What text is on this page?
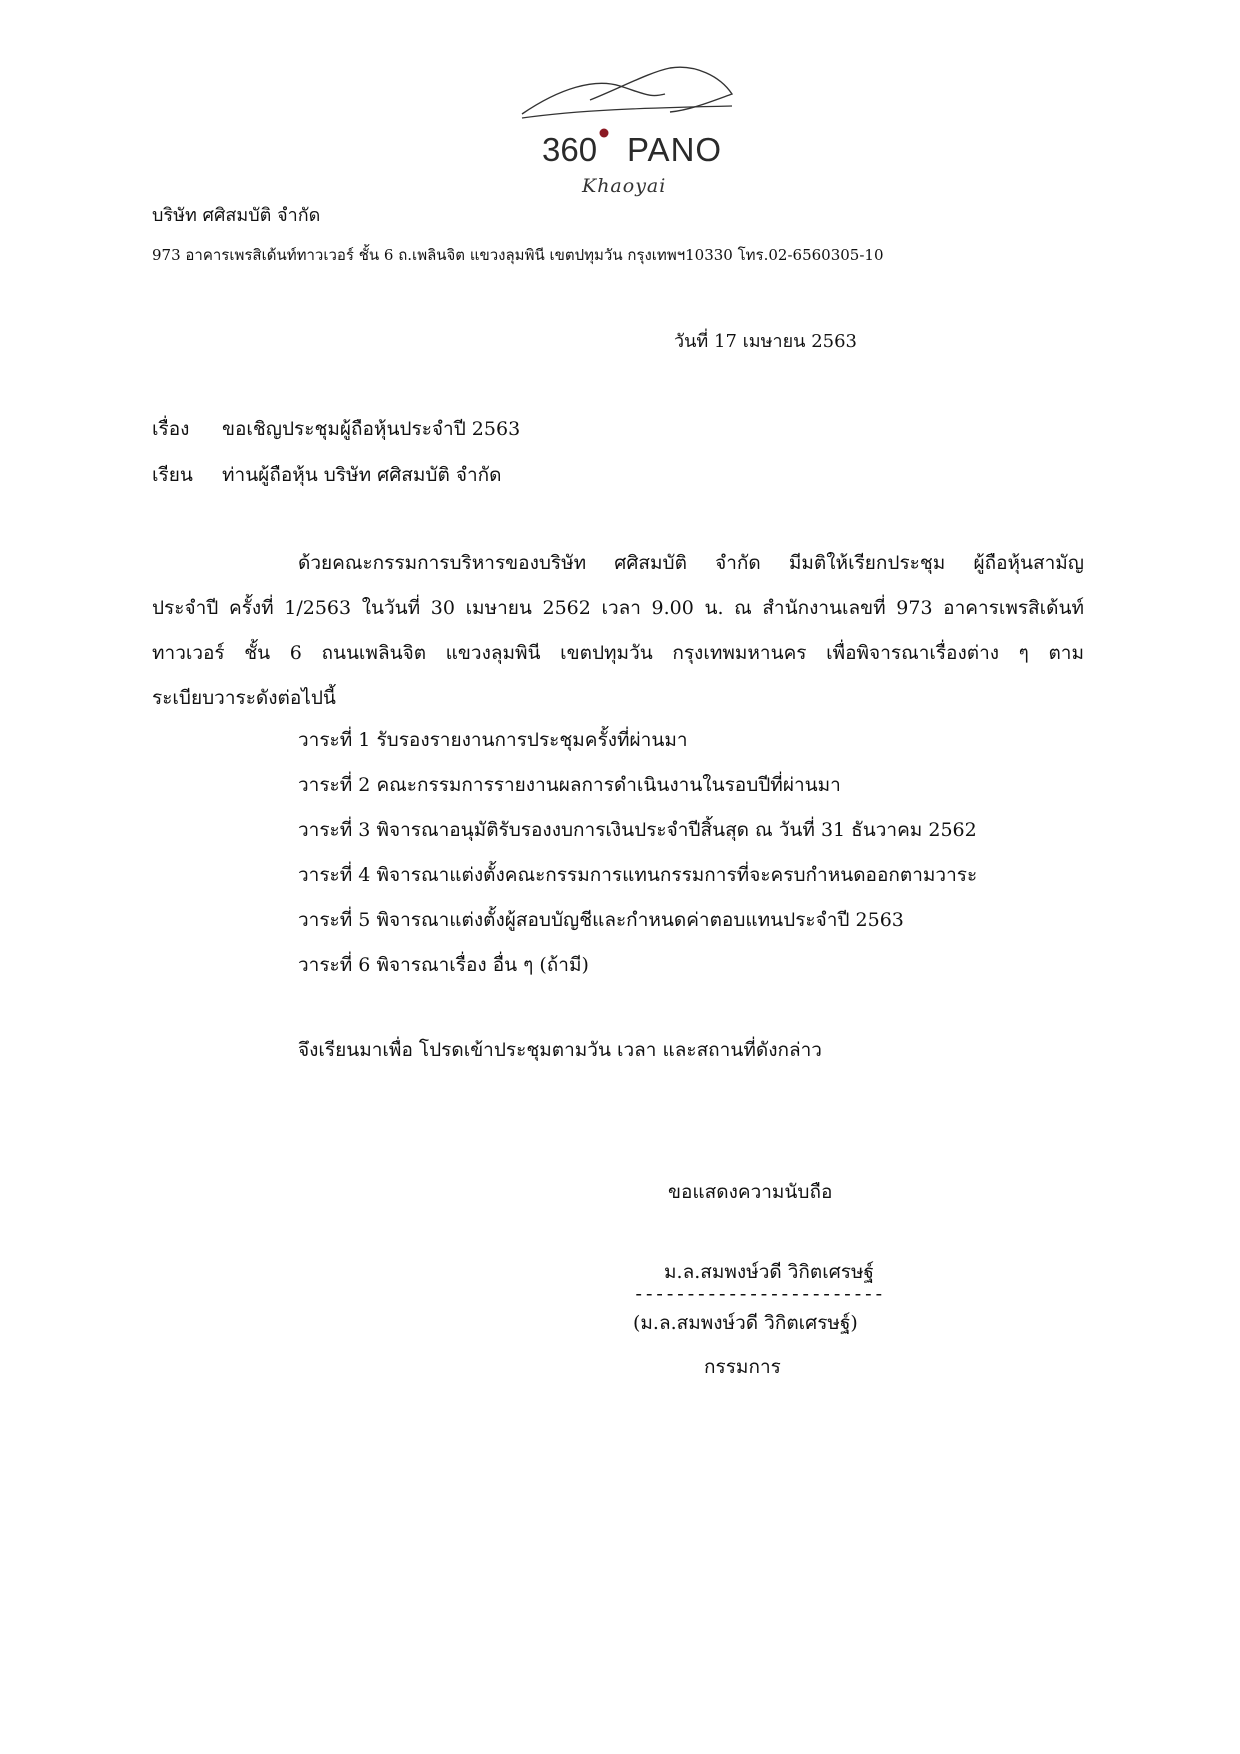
360 PANO
Khaoyai
บริษัท ศศิสมบัติ จำกัด
973 อาคารเพรสิเด้นท์ทาวเวอร์ ชั้น 6 ถ.เพลินจิต แขวงลุมพินี เขตปทุมวัน กรุงเทพฯ10330 โทร.02-6560305-10
วันที่ 17 เมษายน 2563
เรื่อง ขอเชิญประชุมผู้ถือหุ้นประจำปี 2563
เรียน ท่านผู้ถือหุ้น บริษัท ศศิสมบัติ จำกัด
ด้วยคณะกรรมการบริหารของบริษัท ศศิสมบัติ จำกัด มีมติให้เรียกประชุม ผู้ถือหุ้นสามัญ
ประจำปี ครั้งที่ 1/2563 ในวันที่ 30 เมษายน 2562 เวลา 9.00 น. ณ สำนักงานเลขที่ 973 อาคารเพรสิเด้นท์
ทาวเวอร์ ชั้น 6 ถนนเพลินจิต แขวงลุมพินี เขตปทุมวัน กรุงเทพมหานคร เพื่อพิจารณาเรื่องต่าง ๆ ตาม
ระเบียบวาระดังต่อไปนี้
วาระที่ 1 รับรองรายงานการประชุมครั้งที่ผ่านมา
วาระที่ 2 คณะกรรมการรายงานผลการดำเนินงานในรอบปีที่ผ่านมา
วาระที่ 3 พิจารณาอนุมัติรับรองงบการเงินประจำปีสิ้นสุด ณ วันที่ 31 ธันวาคม 2562
วาระที่ 4 พิจารณาแต่งตั้งคณะกรรมการแทนกรรมการที่จะครบกำหนดออกตามวาระ
วาระที่ 5 พิจารณาแต่งตั้งผู้สอบบัญชีและกำหนดค่าตอบแทนประจำปี 2563
วาระที่ 6 พิจารณาเรื่อง อื่น ๆ (ถ้ามี)
จึงเรียนมาเพื่อ โปรดเข้าประชุมตามวัน เวลา และสถานที่ดังกล่าว
ขอแสดงความนับถือ
ม.ล.สมพงษ์วดี วิกิตเศรษฐ์
------------------------
(ม.ล.สมพงษ์วดี วิกิตเศรษฐ์)
กรรมการ
